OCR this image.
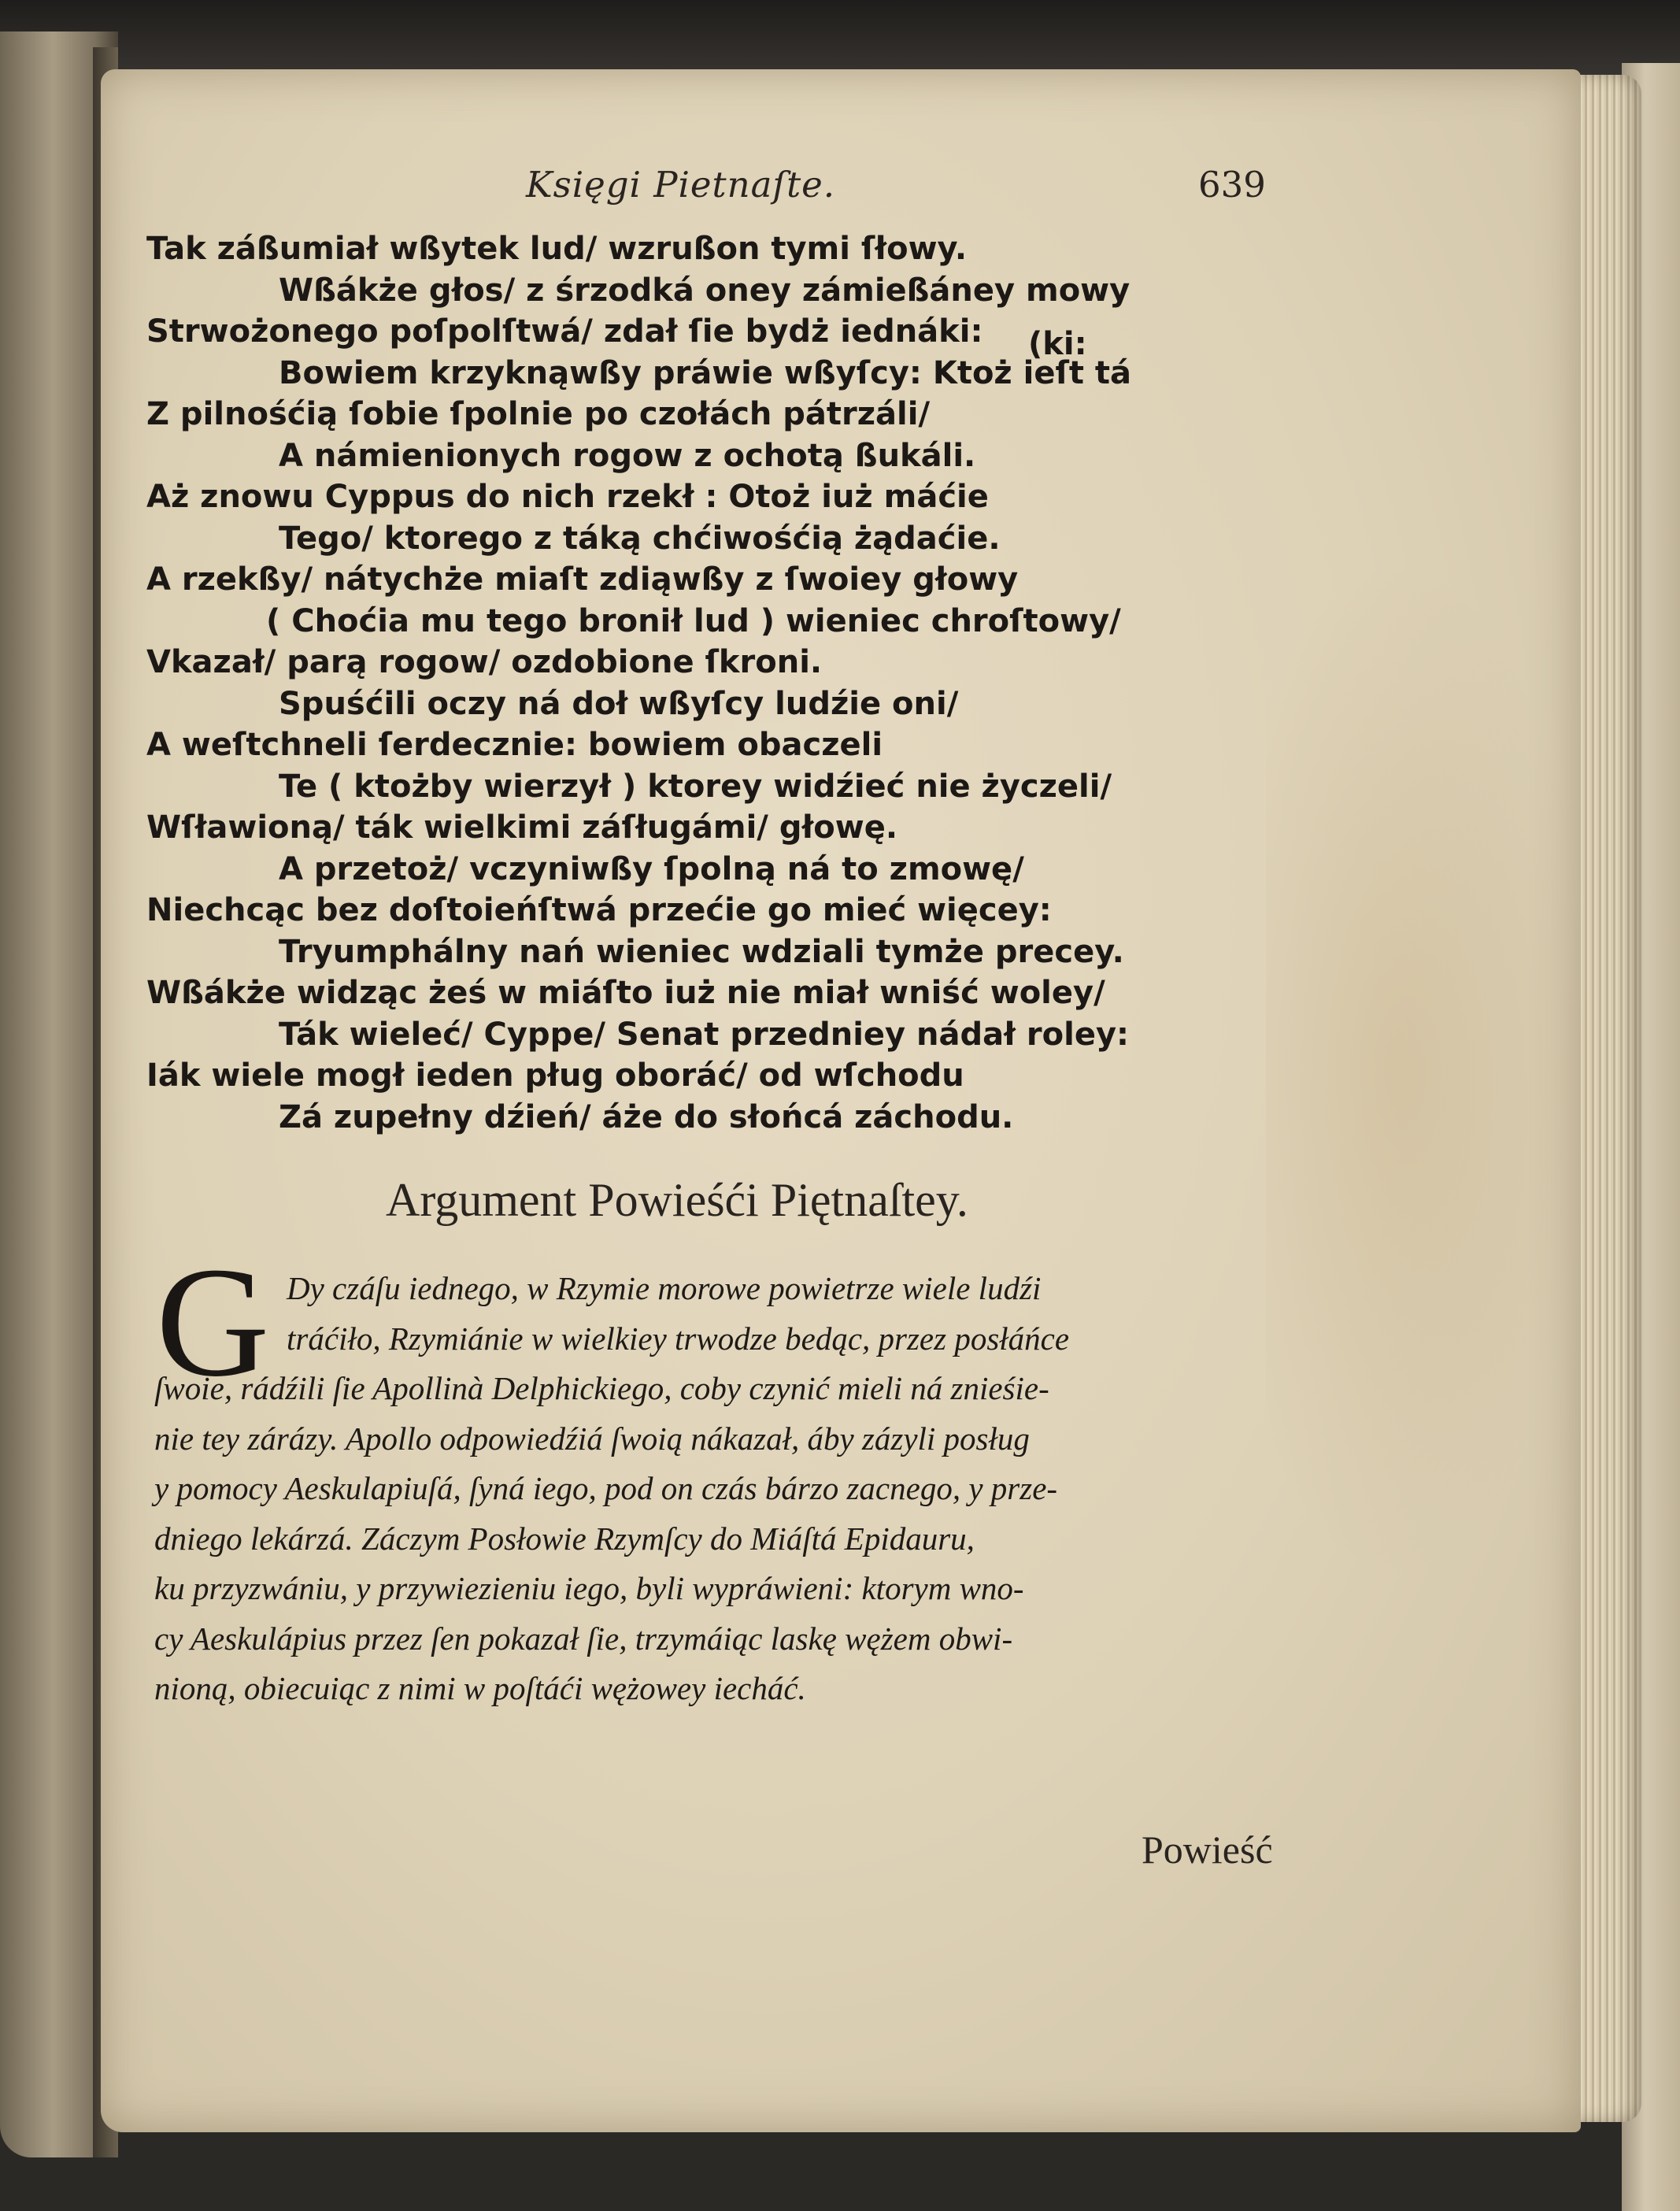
Księgi Pietnaſte.	639

Tak záßumiał wßytek lud/ wzrußon tymi ſłowy.
Wßákże głos/ z śrzodká oney zámießáney mowy
Strwożonego poſpolſtwá/ zdał ſie bydż iednáki:
Bowiem krzyknąwßy práwie wßyſcy: Ktoż ieſt tá
Z pilnośćią ſobie ſpolnie po czołách pátrzáli/
A námienionych rogow z ochotą ßukáli.
Aż znowu Cyppus do nich rzekł : Otoż iuż máćie
Tego/ ktorego z táką chćiwośćią żądaćie.
A rzekßy/ nátychże miaſt zdiąwßy z ſwoiey głowy
( Choćia mu tego bronił lud ) wieniec chroſtowy/
Vkazał/ parą rogow/ ozdobione ſkroni.
Spuśćili oczy ná doł wßyſcy ludźie oni/
A weſtchneli ſerdecznie: bowiem obaczeli
Te ( ktożby wierzył ) ktorey widźieć nie życzeli/
Wſławioną/ ták wielkimi záſługámi/ głowę.
A przetoż/ vczyniwßy ſpolną ná to zmowę/
Niechcąc bez doſtoieńſtwá przećie go mieć więcey:
Tryumphálny nań wieniec wdziali tymże precey.
Wßákże widząc żeś w miáſto iuż nie miał wniść woley/
Ták wieleć/ Cyppe/ Senat przedniey nádał roley:
Iák wiele mogł ieden pług oboráć/ od wſchodu
Zá zupełny dźień/ áże do słońcá záchodu.
(ki:
Argument Powieśći Piętnaſtey.
G Dy czáſu iednego, w Rzymie morowe powietrze wiele ludźi
tráćiło, Rzymiánie w wielkiey trwodze bedąc, przez posłáńce
ſwoie, rádźili ſie Apollinà Delphickiego, coby czynić mieli ná znieśie-
nie tey zárázy. Apollo odpowiedźiá ſwoią nákazał, áby zázyli posług
y pomocy Aeskulapiuſá, ſyná iego, pod on czás bárzo zacnego, y prze-
dniego lekárzá. Záczym Posłowie Rzymſcy do Miáſtá Epidauru,
ku przyzwániu, y przywiezieniu iego, byli wypráwieni: ktorym wno-
cy Aeskulápius przez ſen pokazał ſie, trzymáiąc laskę wężem obwi-
nioną, obiecuiąc z nimi w poſtáći wężowey iecháć.

Powieść
